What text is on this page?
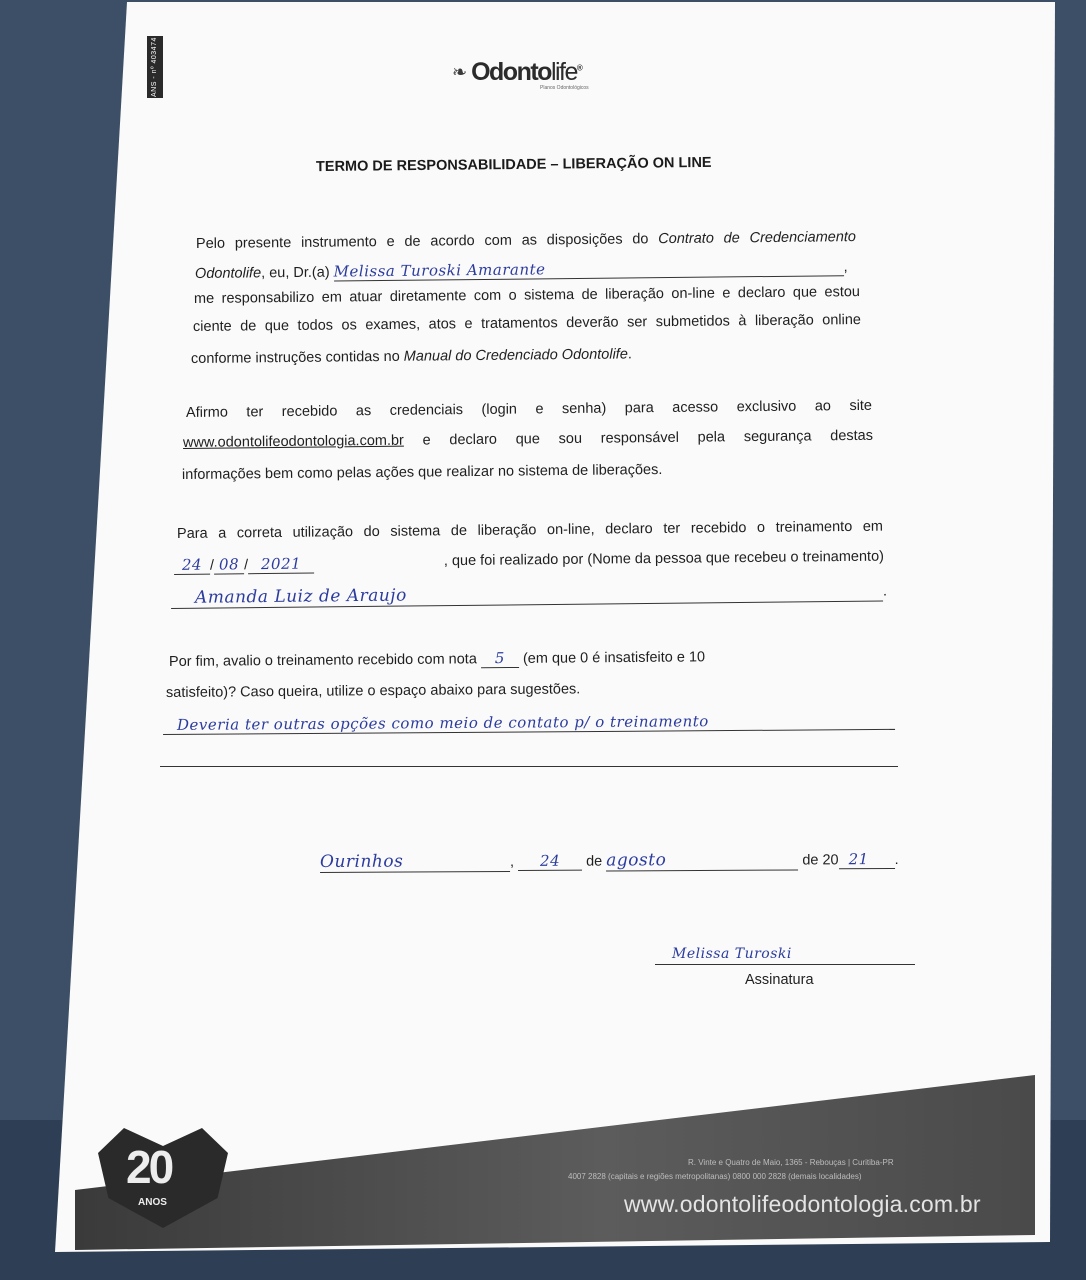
ANS - nº 403474	❧ Odontolife®
Planos Odontológicos
TERMO DE RESPONSABILIDADE – LIBERAÇÃO ON LINE
Pelo presente instrumento e de acordo com as disposições do Contrato de Credenciamento
Odontolife, eu, Dr.(a) Melissa Turoski Amarante	,
me responsabilizo em atuar diretamente com o sistema de liberação on-line e declaro que estou
ciente de que todos os exames, atos e tratamentos deverão ser submetidos à liberação online
conforme instruções contidas no Manual do Credenciado Odontolife.
Afirmo ter recebido as credenciais (login e senha) para acesso exclusivo ao site
www.odontolifeodontologia.com.br e declaro que sou responsável pela segurança destas
informações bem como pelas ações que realizar no sistema de liberações.
Para a correta utilização do sistema de liberação on-line, declaro ter recebido o treinamento em
24 / 08 / 2021	, que foi realizado por (Nome da pessoa que recebeu o treinamento)
Amanda Luiz de Araujo	.
Por fim, avalio o treinamento recebido com nota 5 (em que 0 é insatisfeito e 10
satisfeito)? Caso queira, utilize o espaço abaixo para sugestões.
Deveria ter outras opções como meio de contato p/ o treinamento
Ourinhos	, 24 de agosto	de 20 21 .
Melissa Turoski
Assinatura
20
ANOS
R. Vinte e Quatro de Maio, 1365 - Rebouças | Curitiba-PR
4007 2828 (capitais e regiões metropolitanas) 0800 000 2828 (demais localidades)
www.odontolifeodontologia.com.br
